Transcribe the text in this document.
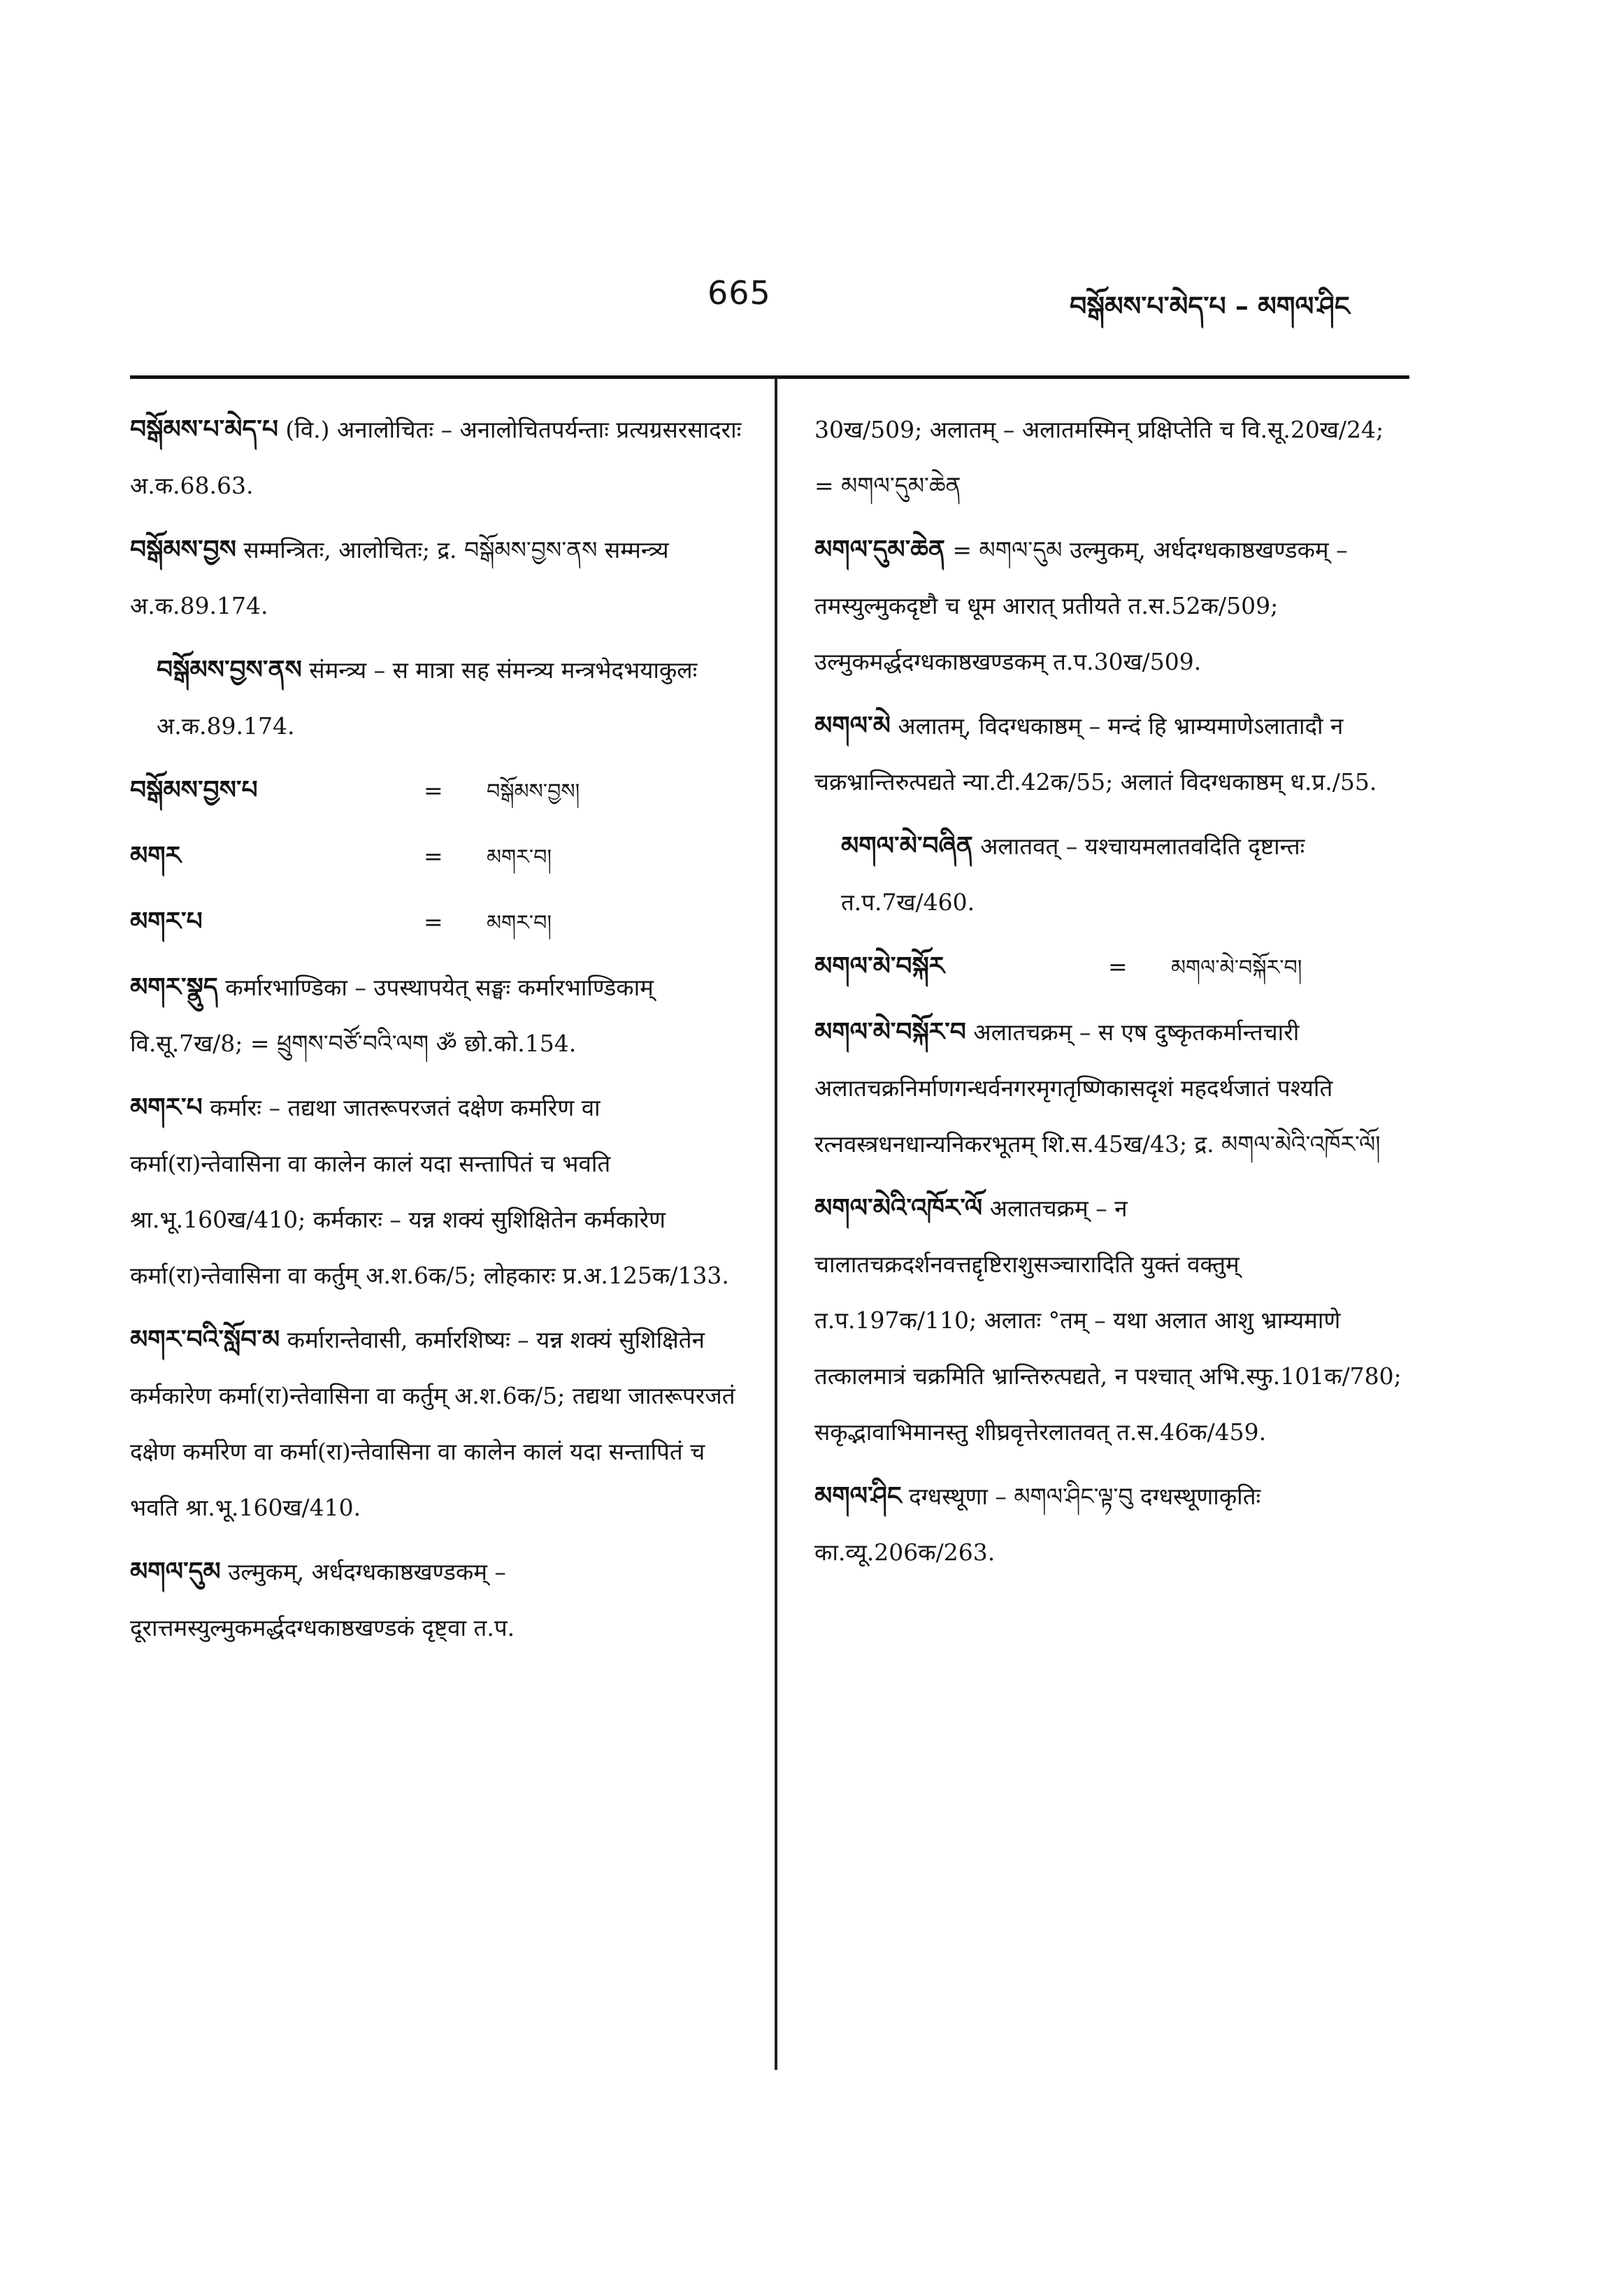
665	བསྒོམས་པ་མེད་པ – མགལ་ཤིང
བསྒོམས་པ་མེད་པ (वि.) अनालोचितः – अनालोचितपर्यन्ताः प्रत्यग्रसरसादराः अ.क.68.63.
བསྒོམས་བྱས सम्मन्त्रितः, आलोचितः; द्र. བསྒོམས་བྱས་ནས सम्मन्त्र्य अ.क.89.174.
བསྒོམས་བྱས་ནས संमन्त्र्य – स मात्रा सह संमन्त्र्य मन्त्रभेदभयाकुलः अ.क.89.174.
བསྒོམས་བྱས་པ	=	བསྒོམས་བྱས།
མགར	=	མགར་བ།
མགར་པ	=	མགར་བ།
མགར་སྣུད कर्मारभाण्डिका – उपस्थापयेत् सङ्घः कर्मारभाण्डिकाम् वि.सू.7ख/8; = ཕྲུགས་བཙོ་བའི་ལག ॐ छो.को.154.
མགར་པ कर्मारः – तद्यथा जातरूपरजतं दक्षेण कर्मारेण वा कर्मा(रा)न्तेवासिना वा कालेन कालं यदा सन्तापितं च भवति श्रा.भू.160ख/410; कर्मकारः – यन्न शक्यं सुशिक्षितेन कर्मकारेण कर्मा(रा)न्तेवासिना वा कर्तुम् अ.श.6क/5; लोहकारः प्र.अ.125क/133.
མགར་བའི་སློབ་མ कर्मारान्तेवासी, कर्मारशिष्यः – यन्न शक्यं सुशिक्षितेन कर्मकारेण कर्मा(रा)न्तेवासिना वा कर्तुम् अ.श.6क/5; तद्यथा जातरूपरजतं दक्षेण कर्मारेण वा कर्मा(रा)न्तेवासिना वा कालेन कालं यदा सन्तापितं च भवति श्रा.भू.160ख/410.
མགལ་དུམ उल्मुकम्, अर्धदग्धकाष्ठखण्डकम् – दूरात्तमस्युल्मुकमर्द्धदग्धकाष्ठखण्डकं दृष्ट्वा त.प.
30ख/509; अलातम् – अलातमस्मिन् प्रक्षिप्तेति च वि.सू.20ख/24; = མགལ་དུམ་ཆེན
མགལ་དུམ་ཆེན = མགལ་དུམ उल्मुकम्, अर्धदग्धकाष्ठखण्डकम् – तमस्युल्मुकदृष्टौ च धूम आरात् प्रतीयते त.स.52क/509; उल्मुकमर्द्धदग्धकाष्ठखण्डकम् त.प.30ख/509.
མགལ་མེ अलातम्, विदग्धकाष्ठम् – मन्दं हि भ्राम्यमाणेऽलातादौ न चक्रभ्रान्तिरुत्पद्यते न्या.टी.42क/55; अलातं विदग्धकाष्ठम् ध.प्र./55.
མགལ་མེ་བཞིན अलातवत् – यश्चायमलातवदिति दृष्टान्तः त.प.7ख/460.
མགལ་མེ་བསྐོར	=	མགལ་མེ་བསྐོར་བ།
མགལ་མེ་བསྐོར་བ अलातचक्रम् – स एष दुष्कृतकर्मान्तचारी अलातचक्रनिर्माणगन्धर्वनगरमृगतृष्णिकासदृशं महदर्थजातं पश्यति रत्नवस्त्रधनधान्यनिकरभूतम् शि.स.45ख/43; द्र. མགལ་མེའི་འཁོར་ལོ།
མགལ་མེའི་འཁོར་ལོ अलातचक्रम् – न चालातचक्रदर्शनवत्तद्दृष्टिराशुसञ्चारादिति युक्तं वक्तुम् त.प.197क/110; अलातः °तम् – यथा अलात आशु भ्राम्यमाणे तत्कालमात्रं चक्रमिति भ्रान्तिरुत्पद्यते, न पश्चात् अभि.स्फु.101क/780; सकृद्भावाभिमानस्तु शीघ्रवृत्तेरलातवत् त.स.46क/459.
མགལ་ཤིང दग्धस्थूणा – མགལ་ཤིང་ལྟ་བུ दग्धस्थूणाकृतिः का.व्यू.206क/263.
